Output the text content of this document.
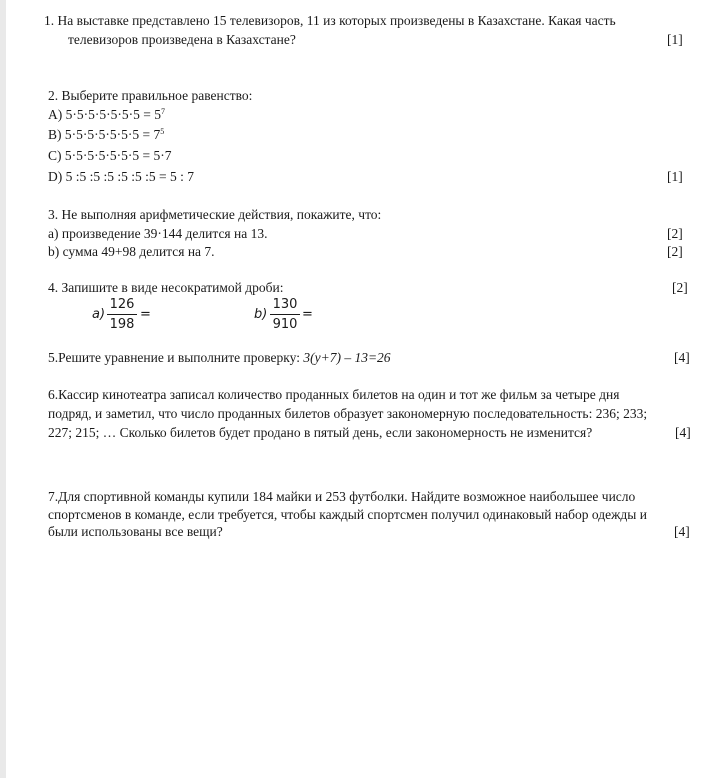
1. На выставке представлено 15 телевизоров, 11 из которых произведены в Казахстане. Какая часть
телевизоров произведена в Казахстане?	[1]
2. Выберите правильное равенство:
A) $5\cdot 5\cdot 5\cdot 5\cdot 5\cdot 5\cdot 5 = 5^7$
B) $5\cdot 5\cdot 5\cdot 5\cdot 5\cdot 5\cdot 5 = 7^5$
C) 5·5·5·5·5·5·5 = 5·7
D) 5 :5 :5 :5 :5 :5 :5 = 5 : 7	[1]
3. Не выполняя арифметические действия, покажите, что:
а) произведение 39·144 делится на 13.	[2]
b) сумма 49+98 делится на 7.	[2]
4. Запишите в виде несократимой дроби:	[2]
a)
126
198
=	b)
130
910
=
5.Решите уравнение и выполните проверку: 3(y+7) – 13=26	[4]
6.Кассир кинотеатра записал количество проданных билетов на один и тот же фильм за четыре дня
подряд, и заметил, что число проданных билетов образует закономерную последовательность: 236; 233;
227; 215; … Сколько билетов будет продано в пятый день, если закономерность не изменится?	[4]
7.Для спортивной команды купили 184 майки и 253 футболки. Найдите возможное наибольшее число
спортсменов в команде, если требуется, чтобы каждый спортсмен получил одинаковый набор одежды и
были использованы все вещи?	[4]
